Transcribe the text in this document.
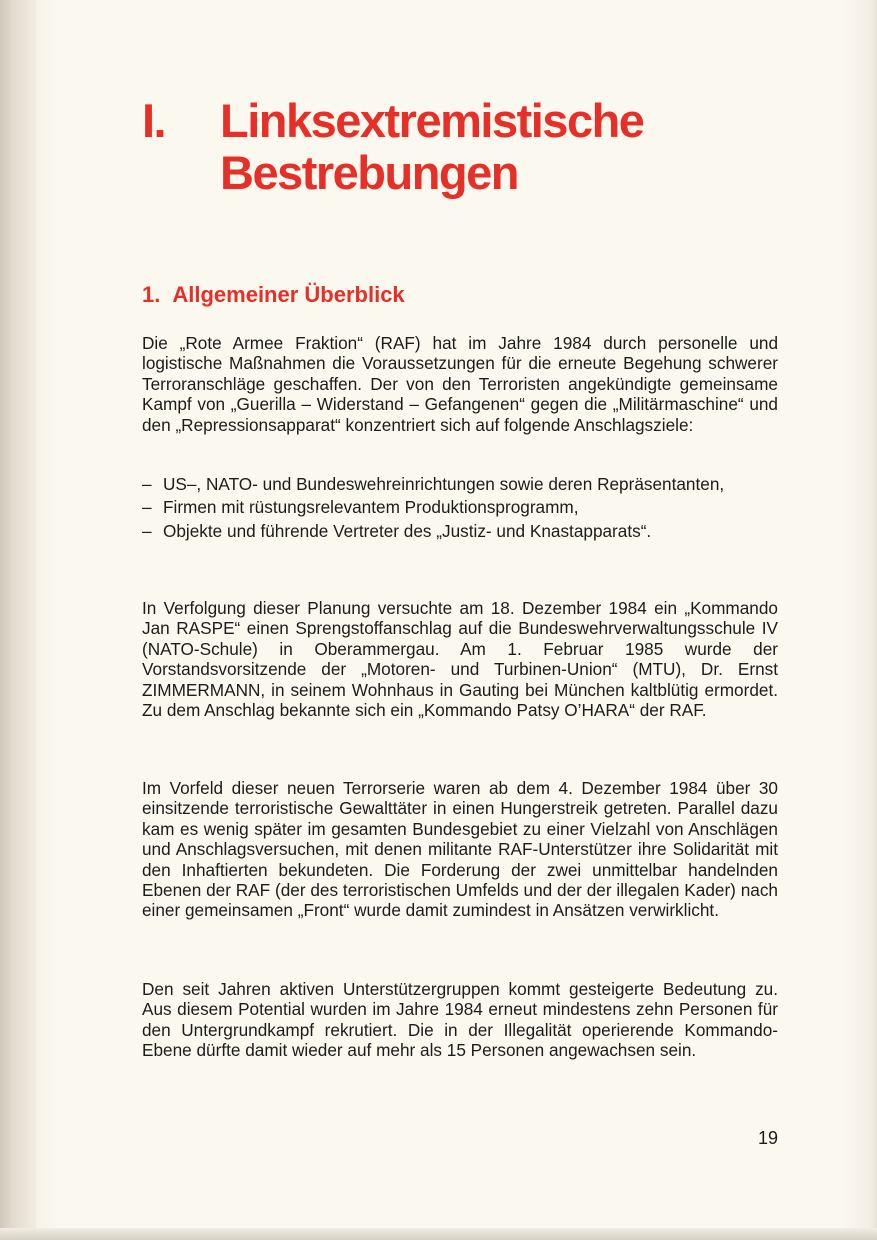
I. Linksextremistische
Bestrebungen
1. Allgemeiner Überblick

Die „Rote Armee Fraktion“ (RAF) hat im Jahre 1984 durch personelle und logistische Maßnahmen die Voraussetzungen für die erneute Begehung schwerer Terroranschläge geschaffen. Der von den Terroristen angekündigte gemeinsame Kampf von „Guerilla – Widerstand – Gefangenen“ gegen die „Militärmaschine“ und den „Repressionsapparat“ konzentriert sich auf folgende Anschlagsziele:

– US–, NATO- und Bundeswehreinrichtungen sowie deren Repräsentanten,
– Firmen mit rüstungsrelevantem Produktionsprogramm,
– Objekte und führende Vertreter des „Justiz- und Knastapparats“.

In Verfolgung dieser Planung versuchte am 18. Dezember 1984 ein „Kommando Jan RASPE“ einen Sprengstoffanschlag auf die Bundeswehrverwaltungsschule IV (NATO-Schule) in Oberammergau. Am 1. Februar 1985 wurde der Vorstandsvorsitzende der „Motoren- und Turbinen-Union“ (MTU), Dr. Ernst ZIMMERMANN, in seinem Wohnhaus in Gauting bei München kaltblütig ermordet. Zu dem Anschlag bekannte sich ein „Kommando Patsy O’HARA“ der RAF.

Im Vorfeld dieser neuen Terrorserie waren ab dem 4. Dezember 1984 über 30 einsitzende terroristische Gewalttäter in einen Hungerstreik getreten. Parallel dazu kam es wenig später im gesamten Bundesgebiet zu einer Vielzahl von Anschlägen und Anschlagsversuchen, mit denen militante RAF-Unterstützer ihre Solidarität mit den Inhaftierten bekundeten. Die Forderung der zwei unmittelbar handelnden Ebenen der RAF (der des terroristischen Umfelds und der der illegalen Kader) nach einer gemeinsamen „Front“ wurde damit zumindest in Ansätzen verwirklicht.

Den seit Jahren aktiven Unterstützergruppen kommt gesteigerte Bedeutung zu. Aus diesem Potential wurden im Jahre 1984 erneut mindestens zehn Personen für den Untergrundkampf rekrutiert. Die in der Illegalität operierende Kommando-Ebene dürfte damit wieder auf mehr als 15 Personen angewachsen sein.

19
